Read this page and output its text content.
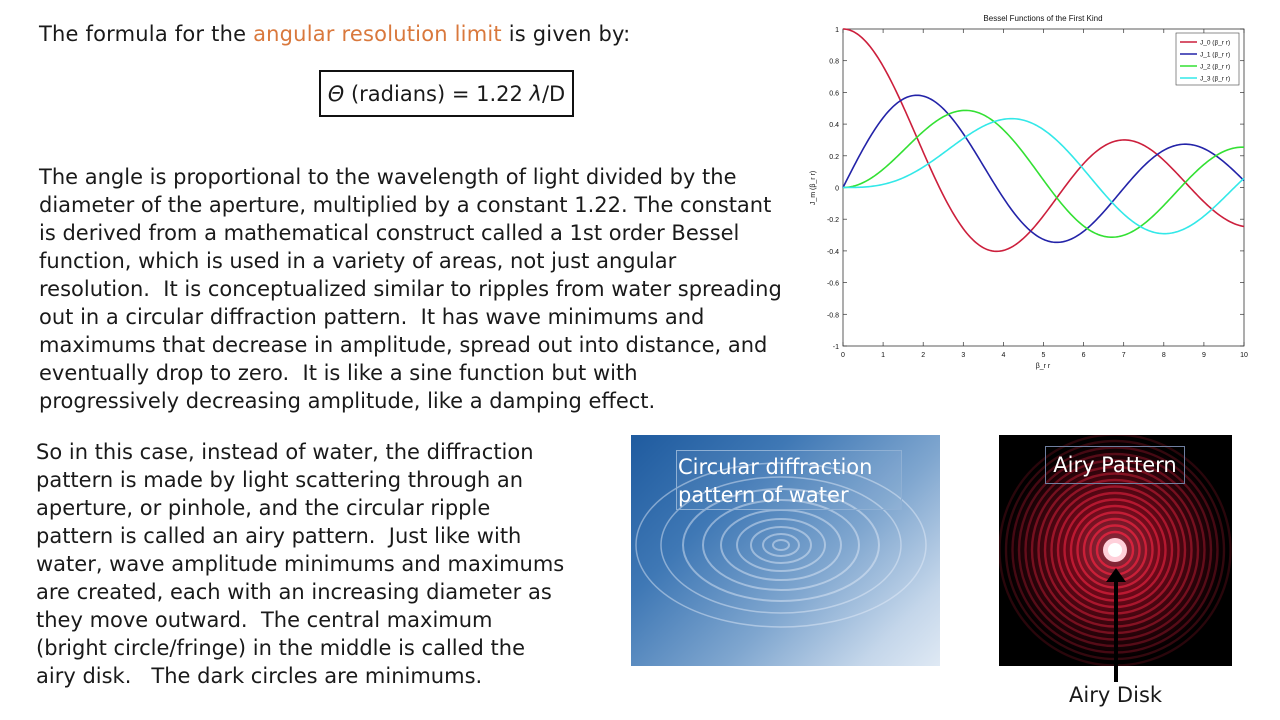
The formula for the angular resolution limit is given by:
Θ (radians) = 1.22 λ /D
The angle is proportional to the wavelength of light divided by the
diameter of the aperture, multiplied by a constant 1.22. The constant
is derived from a mathematical construct called a 1st order Bessel
function, which is used in a variety of areas, not just angular
resolution.  It is conceptualized similar to ripples from water spreading
out in a circular diffraction pattern.  It has wave minimums and
maximums that decrease in amplitude, spread out into distance, and
eventually drop to zero.  It is like a sine function but with
progressively decreasing amplitude, like a damping effect.
So in this case, instead of water, the diffraction
pattern is made by light scattering through an
aperture, or pinhole, and the circular ripple
pattern is called an airy pattern.  Just like with
water, wave amplitude minimums and maximums
are created, each with an increasing diameter as
they move outward.  The central maximum
(bright circle/fringe) in the middle is called the
airy disk.   The dark circles are minimums.
Bessel Functions of the First Kind
-1
-0.8
-0.6
-0.4
-0.2
0
0.2
0.4
0.6
0.8
1
0	1	2	3	4	5	6	7	8	9	10
J_m (β_r r)
β_r r
J_0 (β_r r)
J_1 (β_r r)
J_2 (β_r r)
J_3 (β_r r)
Circular diffraction
pattern of water
Airy Pattern
Airy Disk
